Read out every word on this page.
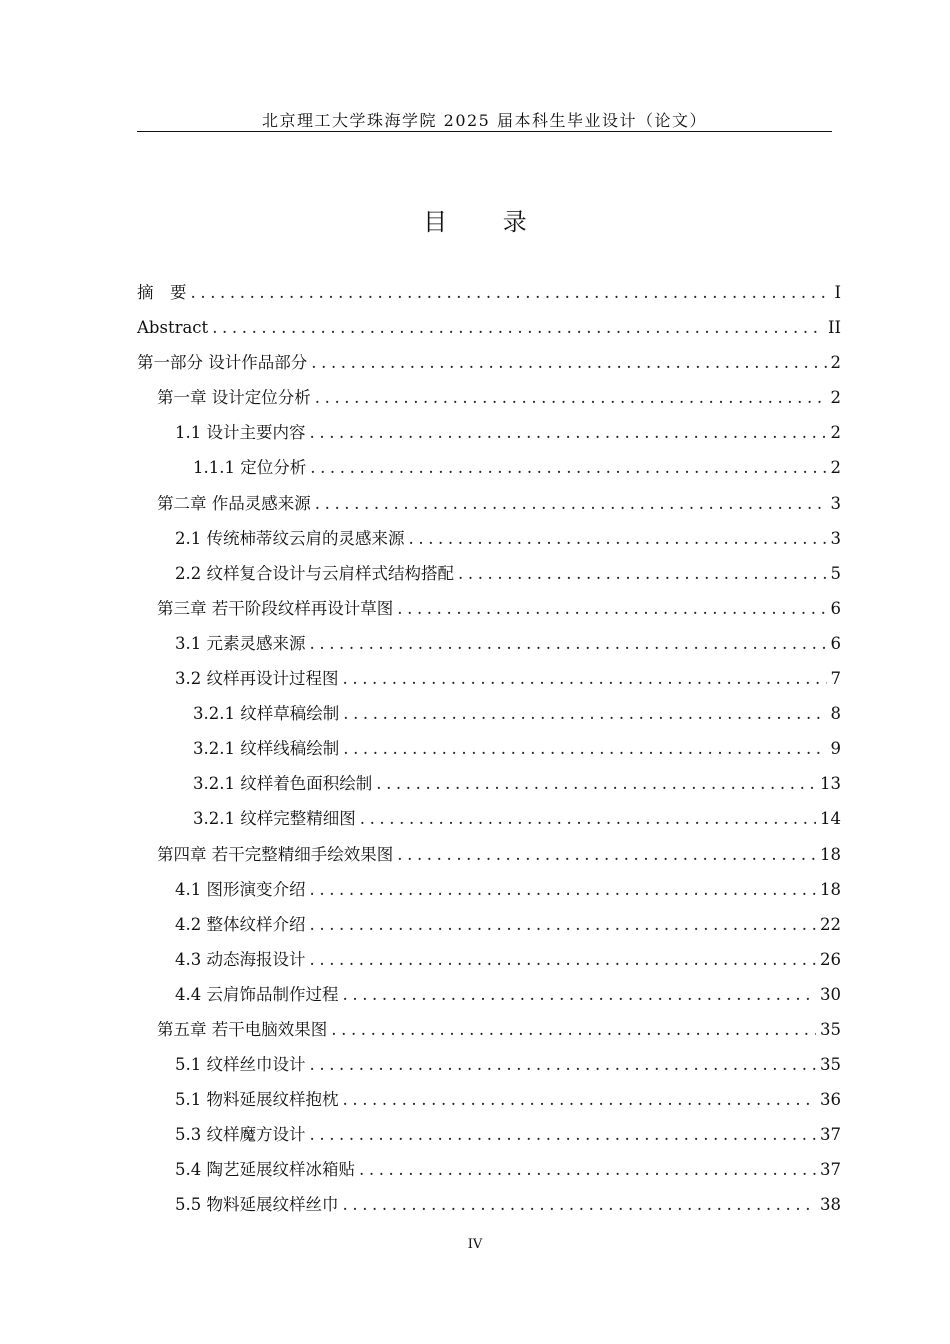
北京理工大学珠海学院 2025 届本科生毕业设计（论文）
目 录
摘　要 .....	I
Abstract .....	II
第一部分 设计作品部分 .....	2
第一章 设计定位分析 .....	2
1.1 设计主要内容 .....	2
1.1.1 定位分析 .....	2
第二章 作品灵感来源 .....	3
2.1 传统柿蒂纹云肩的灵感来源 .....	3
2.2 纹样复合设计与云肩样式结构搭配 .....	5
第三章 若干阶段纹样再设计草图 .....	6
3.1 元素灵感来源 .....	6
3.2 纹样再设计过程图 .....	7
3.2.1 纹样草稿绘制 .....	8
3.2.1 纹样线稿绘制 .....	9
3.2.1 纹样着色面积绘制 .....	13
3.2.1 纹样完整精细图 .....	14
第四章 若干完整精细手绘效果图 .....	18
4.1 图形演变介绍 .....	18
4.2 整体纹样介绍 .....	22
4.3 动态海报设计 .....	26
4.4 云肩饰品制作过程 .....	30
第五章 若干电脑效果图 .....	35
5.1 纹样丝巾设计 .....	35
5.1 物料延展纹样抱枕 .....	36
5.3 纹样魔方设计 .....	37
5.4 陶艺延展纹样冰箱贴 .....	37
5.5 物料延展纹样丝巾 .....	38
IV
